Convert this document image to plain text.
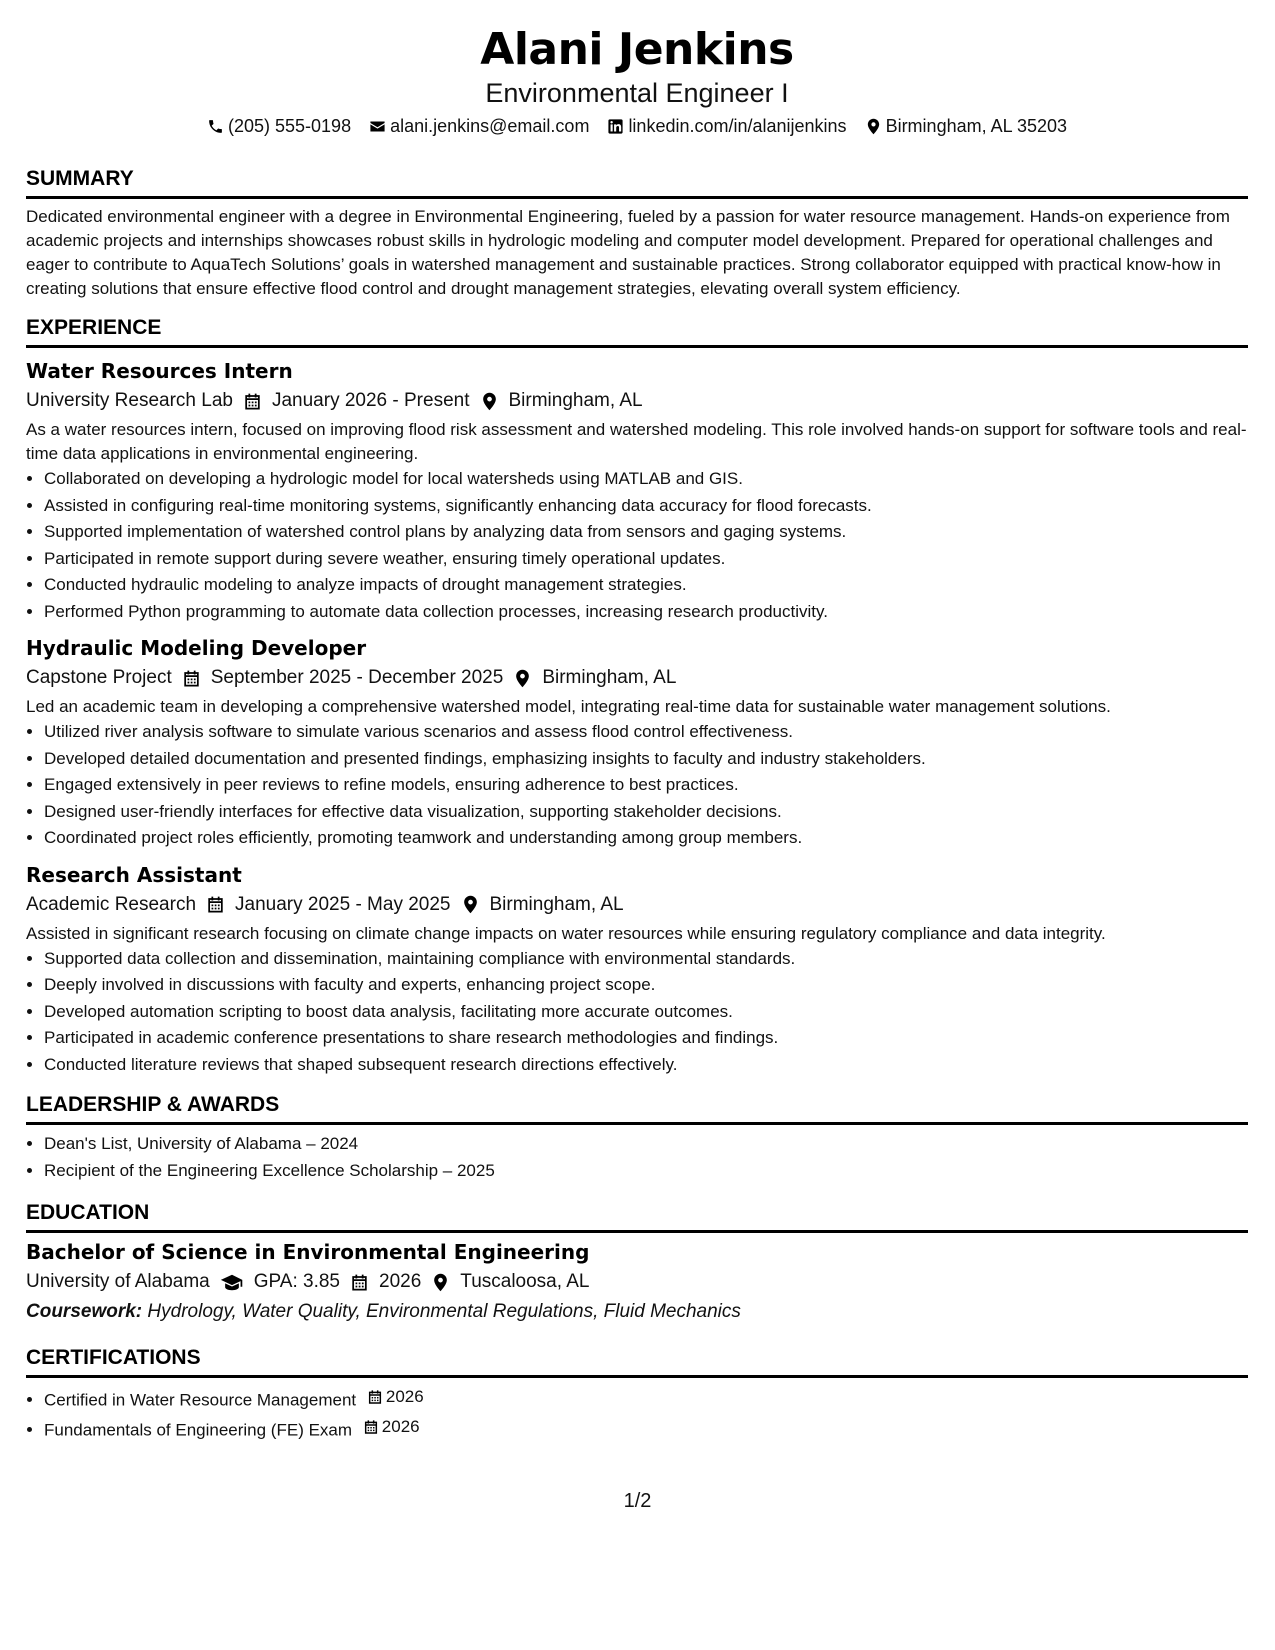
Alani Jenkins
Environmental Engineer I
(205) 555-0198 alani.jenkins@email.com linkedin.com/in/alanijenkins Birmingham, AL 35203
SUMMARY
Dedicated environmental engineer with a degree in Environmental Engineering, fueled by a passion for water resource management. Hands-on experience from academic projects and internships showcases robust skills in hydrologic modeling and computer model development. Prepared for operational challenges and eager to contribute to AquaTech Solutions’ goals in watershed management and sustainable practices. Strong collaborator equipped with practical know-how in creating solutions that ensure effective flood control and drought management strategies, elevating overall system efficiency.
EXPERIENCE
Water Resources Intern
University Research Lab January 2026 - Present Birmingham, AL
As a water resources intern, focused on improving flood risk assessment and watershed modeling. This role involved hands-on support for software tools and real-time data applications in environmental engineering.
• Collaborated on developing a hydrologic model for local watersheds using MATLAB and GIS.
• Assisted in configuring real-time monitoring systems, significantly enhancing data accuracy for flood forecasts.
• Supported implementation of watershed control plans by analyzing data from sensors and gaging systems.
• Participated in remote support during severe weather, ensuring timely operational updates.
• Conducted hydraulic modeling to analyze impacts of drought management strategies.
• Performed Python programming to automate data collection processes, increasing research productivity.
Hydraulic Modeling Developer
Capstone Project September 2025 - December 2025 Birmingham, AL
Led an academic team in developing a comprehensive watershed model, integrating real-time data for sustainable water management solutions.
• Utilized river analysis software to simulate various scenarios and assess flood control effectiveness.
• Developed detailed documentation and presented findings, emphasizing insights to faculty and industry stakeholders.
• Engaged extensively in peer reviews to refine models, ensuring adherence to best practices.
• Designed user-friendly interfaces for effective data visualization, supporting stakeholder decisions.
• Coordinated project roles efficiently, promoting teamwork and understanding among group members.
Research Assistant
Academic Research January 2025 - May 2025 Birmingham, AL
Assisted in significant research focusing on climate change impacts on water resources while ensuring regulatory compliance and data integrity.
• Supported data collection and dissemination, maintaining compliance with environmental standards.
• Deeply involved in discussions with faculty and experts, enhancing project scope.
• Developed automation scripting to boost data analysis, facilitating more accurate outcomes.
• Participated in academic conference presentations to share research methodologies and findings.
• Conducted literature reviews that shaped subsequent research directions effectively.
LEADERSHIP & AWARDS
• Dean's List, University of Alabama – 2024
• Recipient of the Engineering Excellence Scholarship – 2025
EDUCATION
Bachelor of Science in Environmental Engineering
University of Alabama GPA: 3.85 2026 Tuscaloosa, AL
Coursework: Hydrology, Water Quality, Environmental Regulations, Fluid Mechanics
CERTIFICATIONS
• Certified in Water Resource Management 2026
• Fundamentals of Engineering (FE) Exam 2026
1/2
